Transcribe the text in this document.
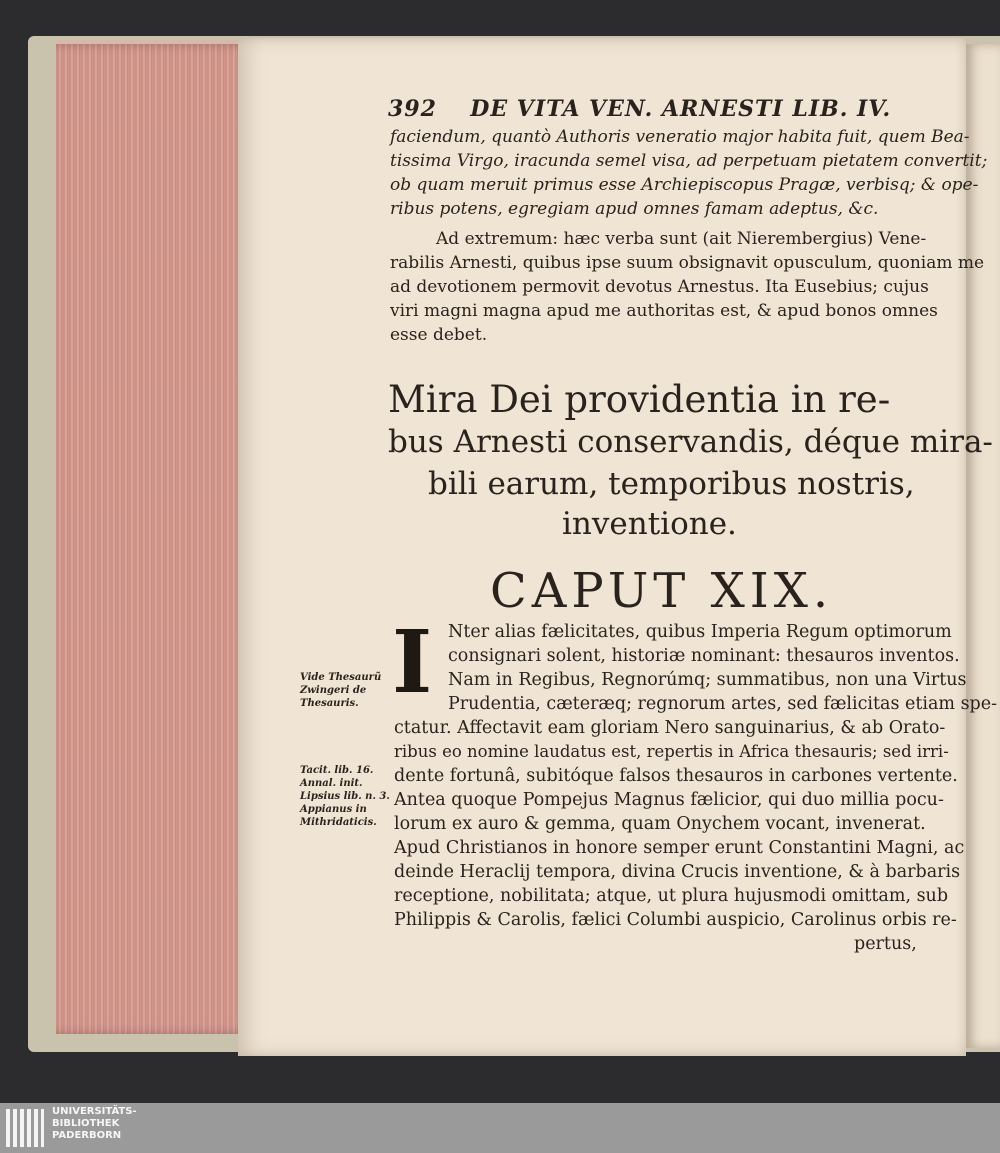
392 DE VITA VEN. ARNESTI LIB. IV.
faciendum, quantò Authoris veneratio major habita fuit, quem Bea-
tissima Virgo, iracunda semel visa, ad perpetuam pietatem convertit;
ob quam meruit primus esse Archiepiscopus Pragæ, verbisq; & ope-
ribus potens, egregiam apud omnes famam adeptus, &c.
Ad extremum: hæc verba sunt (ait Nierembergius) Vene-
rabilis Arnesti, quibus ipse suum obsignavit opusculum, quoniam me
ad devotionem permovit devotus Arnestus. Ita Eusebius; cujus
viri magni magna apud me authoritas est, & apud bonos omnes
esse debet.
Mira Dei providentia in re-
bus Arnesti conservandis, déque mira-
bili earum, temporibus nostris,
inventione.
CAPUT XIX.
I Nter alias fælicitates, quibus Imperia Regum optimorum
consignari solent, historiæ nominant: thesauros inventos.
Nam in Regibus, Regnorúmq; summatibus, non una Virtus
Prudentia, cæteræq; regnorum artes, sed fælicitas etiam spe-
ctatur. Affectavit eam gloriam Nero sanguinarius, & ab Orato-
ribus eo nomine laudatus est, repertis in Africa thesauris; sed irri-
dente fortunâ, subitóque falsos thesauros in carbones vertente.
Antea quoque Pompejus Magnus fælicior, qui duo millia pocu-
lorum ex auro & gemma, quam Onychem vocant, invenerat.
Apud Christianos in honore semper erunt Constantini Magni, ac
deinde Heraclij tempora, divina Crucis inventione, & à barbaris
receptione, nobilitata; atque, ut plura hujusmodi omittam, sub
Philippis & Carolis, fælici Columbi auspicio, Carolinus orbis re-
pertus,
Vide Thesaurũ
Zwingeri de
Thesauris.
Tacit. lib. 16.
Annal. init.
Lipsius lib. n. 3.
Appianus in
Mithridaticis.
UNIVERSITÄTS-
BIBLIOTHEK
PADERBORN
